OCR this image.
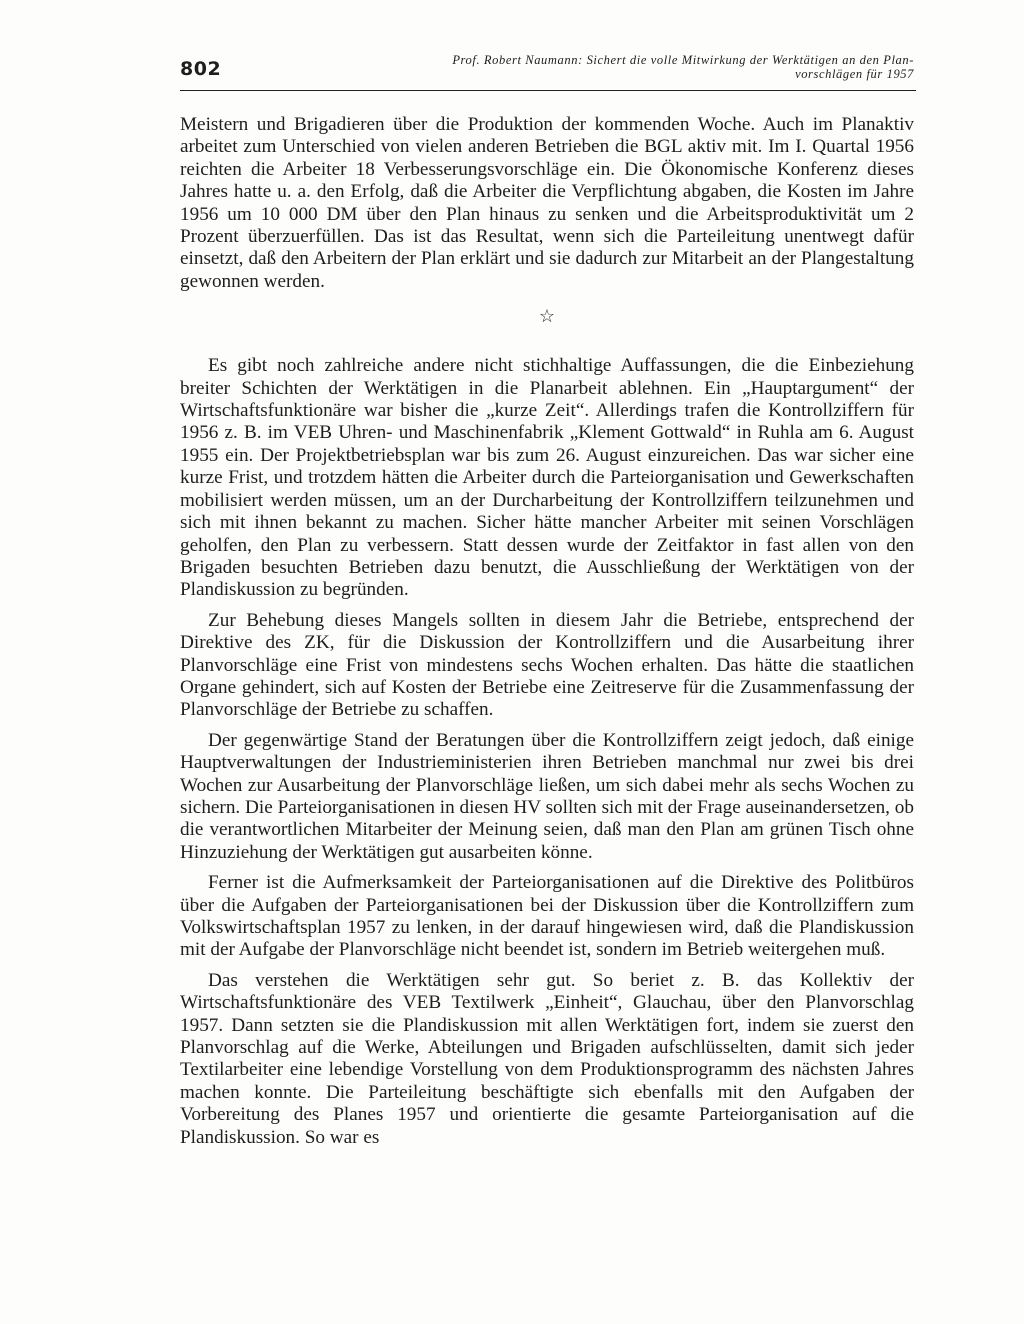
802	Prof. Robert Naumann: Sichert die volle Mitwirkung der Werktätigen an den Plan-
vorschlägen für 1957

Meistern und Brigadieren über die Produktion der kommenden Woche. Auch im Planaktiv arbeitet zum Unterschied von vielen anderen Betrieben die BGL aktiv mit. Im I. Quartal 1956 reichten die Arbeiter 18 Verbesserungsvorschläge ein. Die Ökonomische Konferenz dieses Jahres hatte u. a. den Erfolg, daß die Arbeiter die Verpflichtung abgaben, die Kosten im Jahre 1956 um 10 000 DM über den Plan hinaus zu senken und die Arbeitsproduktivität um 2 Prozent überzuerfüllen. Das ist das Resultat, wenn sich die Parteileitung unentwegt dafür einsetzt, daß den Arbeitern der Plan erklärt und sie dadurch zur Mitarbeit an der Plangestaltung gewonnen werden.

☆

Es gibt noch zahlreiche andere nicht stichhaltige Auffassungen, die die Einbeziehung breiter Schichten der Werktätigen in die Planarbeit ablehnen. Ein „Hauptargument“ der Wirtschaftsfunktionäre war bisher die „kurze Zeit“. Allerdings trafen die Kontrollziffern für 1956 z. B. im VEB Uhren- und Maschinenfabrik „Klement Gottwald“ in Ruhla am 6. August 1955 ein. Der Projektbetriebsplan war bis zum 26. August einzureichen. Das war sicher eine kurze Frist, und trotzdem hätten die Arbeiter durch die Parteiorganisation und Gewerkschaften mobilisiert werden müssen, um an der Durcharbeitung der Kontrollziffern teilzunehmen und sich mit ihnen bekannt zu machen. Sicher hätte mancher Arbeiter mit seinen Vorschlägen geholfen, den Plan zu verbessern. Statt dessen wurde der Zeitfaktor in fast allen von den Brigaden besuchten Betrieben dazu benutzt, die Ausschließung der Werktätigen von der Plandiskussion zu begründen.

Zur Behebung dieses Mangels sollten in diesem Jahr die Betriebe, entsprechend der Direktive des ZK, für die Diskussion der Kontrollziffern und die Ausarbeitung ihrer Planvorschläge eine Frist von mindestens sechs Wochen erhalten. Das hätte die staatlichen Organe gehindert, sich auf Kosten der Betriebe eine Zeitreserve für die Zusammenfassung der Planvorschläge der Betriebe zu schaffen.

Der gegenwärtige Stand der Beratungen über die Kontrollziffern zeigt jedoch, daß einige Hauptverwaltungen der Industrieministerien ihren Betrieben manchmal nur zwei bis drei Wochen zur Ausarbeitung der Planvorschläge ließen, um sich dabei mehr als sechs Wochen zu sichern. Die Parteiorganisationen in diesen HV sollten sich mit der Frage auseinandersetzen, ob die verantwortlichen Mitarbeiter der Meinung seien, daß man den Plan am grünen Tisch ohne Hinzuziehung der Werktätigen gut ausarbeiten könne.

Ferner ist die Aufmerksamkeit der Parteiorganisationen auf die Direktive des Politbüros über die Aufgaben der Parteiorganisationen bei der Diskussion über die Kontrollziffern zum Volkswirtschaftsplan 1957 zu lenken, in der darauf hingewiesen wird, daß die Plandiskussion mit der Aufgabe der Planvorschläge nicht beendet ist, sondern im Betrieb weitergehen muß.

Das verstehen die Werktätigen sehr gut. So beriet z. B. das Kollektiv der Wirtschaftsfunktionäre des VEB Textilwerk „Einheit“, Glauchau, über den Planvorschlag 1957. Dann setzten sie die Plandiskussion mit allen Werktätigen fort, indem sie zuerst den Planvorschlag auf die Werke, Abteilungen und Brigaden aufschlüsselten, damit sich jeder Textilarbeiter eine lebendige Vorstellung von dem Produktionsprogramm des nächsten Jahres machen konnte. Die Parteileitung beschäftigte sich ebenfalls mit den Aufgaben der Vorbereitung des Planes 1957 und orientierte die gesamte Parteiorganisation auf die Plandiskussion. So war es
